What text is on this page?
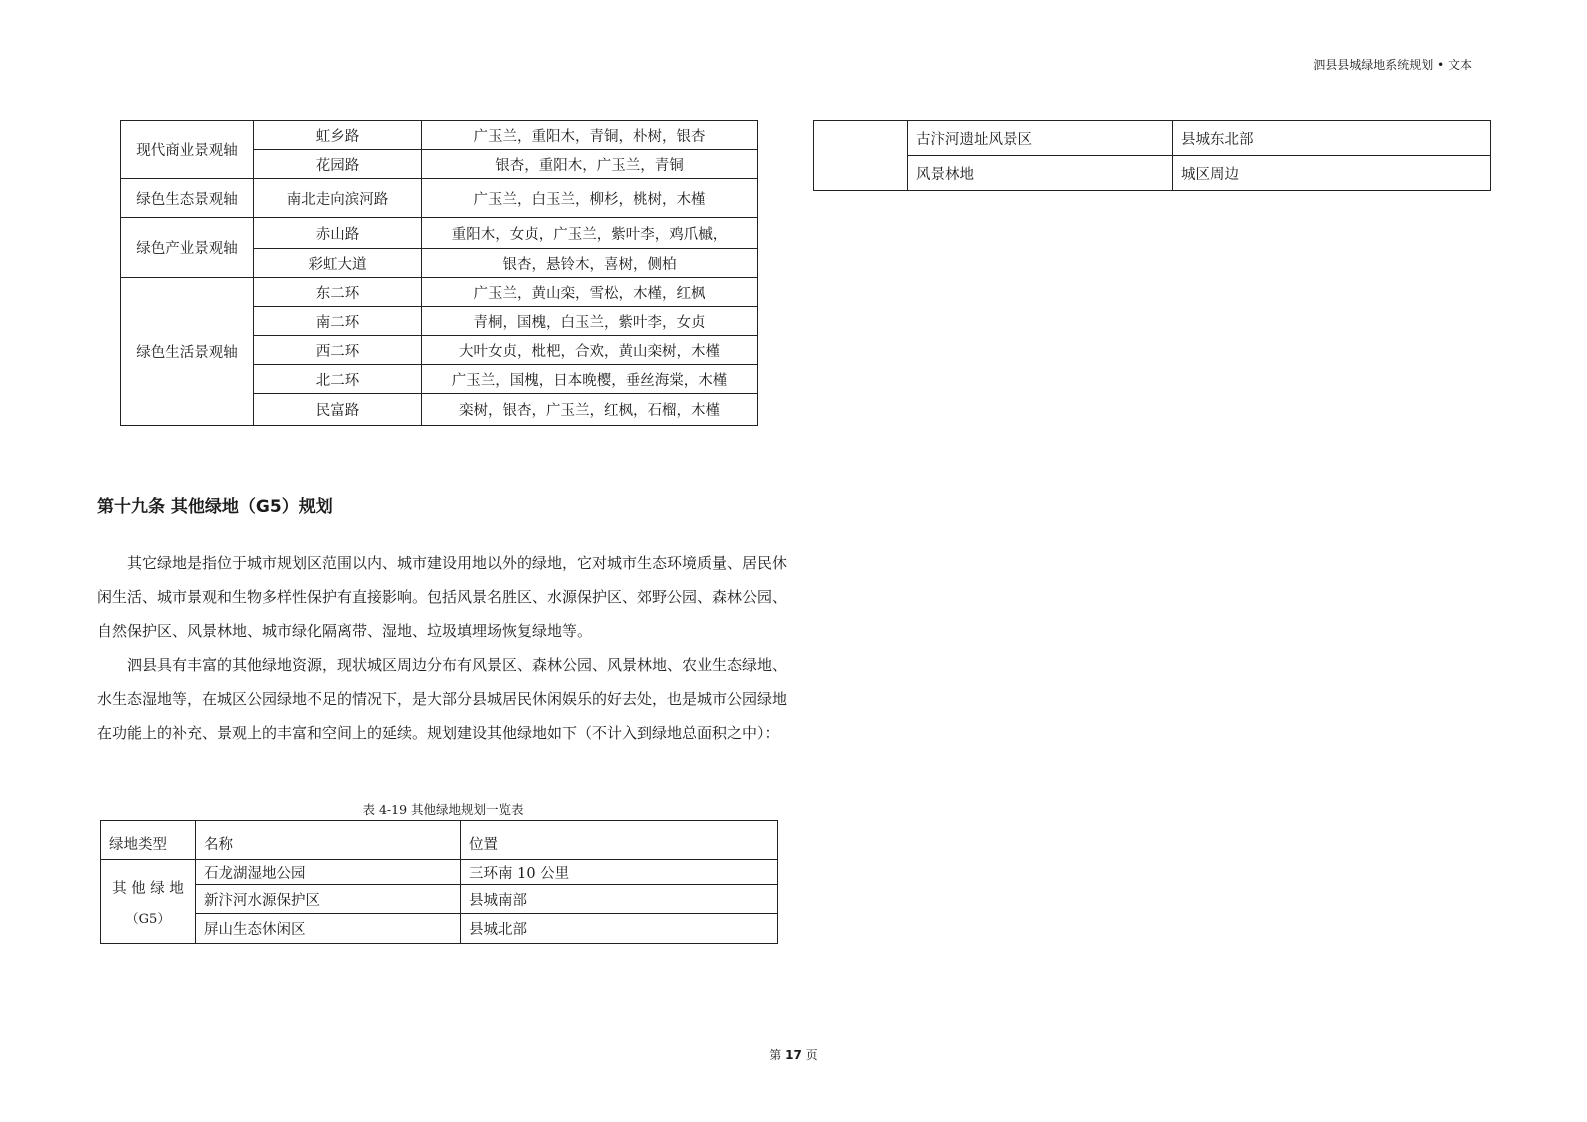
泗县县城绿地系统规划 • 文本
现代商业景观轴	虹乡路	广玉兰，重阳木，青铜，朴树，银杏
	花园路	银杏，重阳木，广玉兰，青铜
绿色生态景观轴	南北走向滨河路	广玉兰，白玉兰，柳杉，桃树，木槿
绿色产业景观轴	赤山路	重阳木，女贞，广玉兰，紫叶李，鸡爪槭，
	彩虹大道	银杏，悬铃木，喜树，侧柏
绿色生活景观轴	东二环	广玉兰，黄山栾，雪松，木槿，红枫
	南二环	青桐，国槐，白玉兰，紫叶李，女贞
	西二环	大叶女贞，枇杷，合欢，黄山栾树，木槿
	北二环	广玉兰，国槐，日本晚樱，垂丝海棠，木槿
	民富路	栾树，银杏，广玉兰，红枫，石榴，木槿
	古汴河遗址风景区	县城东北部
	风景林地	城区周边
第十九条 其他绿地（G5）规划

其它绿地是指位于城市规划区范围以内、城市建设用地以外的绿地，它对城市生态环境质量、居民休闲生活、城市景观和生物多样性保护有直接影响。包括风景名胜区、水源保护区、郊野公园、森林公园、自然保护区、风景林地、城市绿化隔离带、湿地、垃圾填埋场恢复绿地等。

泗县具有丰富的其他绿地资源，现状城区周边分布有风景区、森林公园、风景林地、农业生态绿地、水生态湿地等，在城区公园绿地不足的情况下，是大部分县城居民休闲娱乐的好去处，也是城市公园绿地在功能上的补充、景观上的丰富和空间上的延续。规划建设其他绿地如下（不计入到绿地总面积之中）：

表 4-19 其他绿地规划一览表
绿地类型	名称	位置

其 他 绿 地
（G5）	石龙湖湿地公园	三环南 10 公里
	新汴河水源保护区	县城南部
	屏山生态休闲区	县城北部
第 17 页
